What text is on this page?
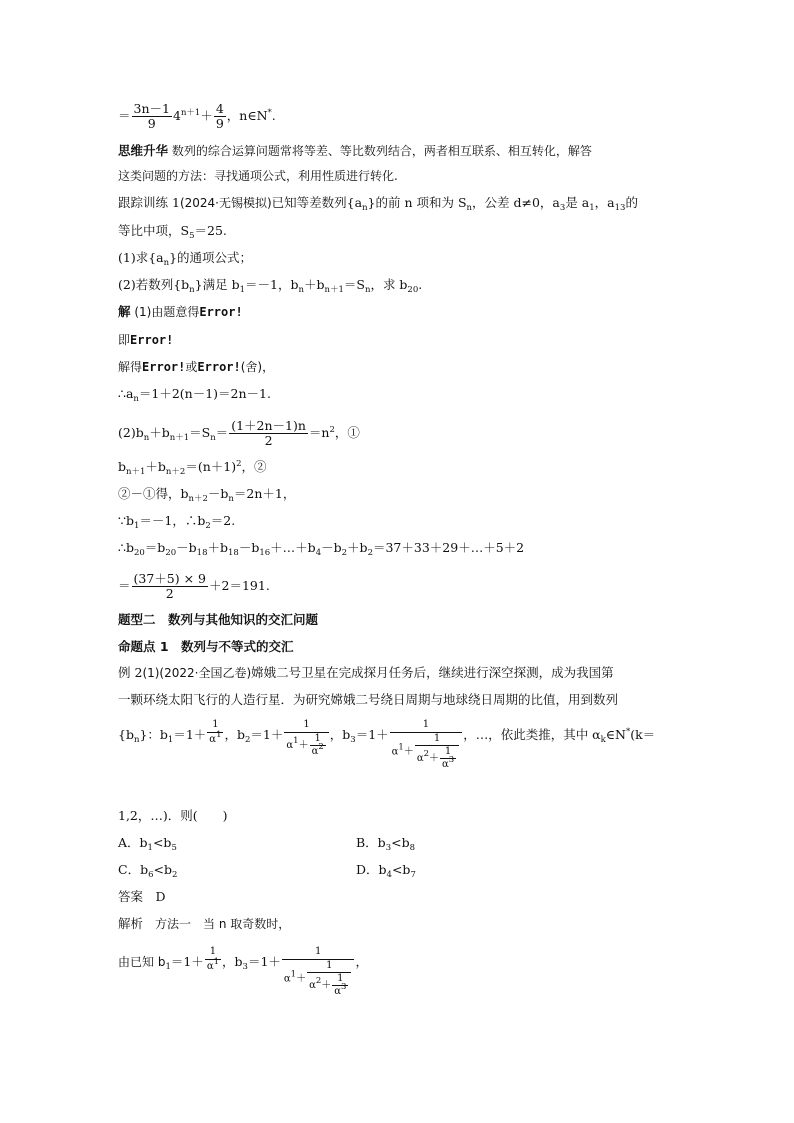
＝ $\frac{3n-1}{9} 4^{n+1}+ \frac{4}{9}$ ，n∈N*.
思维升华 数列的综合运算问题常将等差、等比数列结合，两者相互联系、相互转化，解答
这类问题的方法：寻找通项公式，利用性质进行转化.
跟踪训练 1(2024·无锡模拟)已知等差数列$\{a_n\}$的前 n 项和为 $S_n$，公差 d≠0，$a_3$是 $a_1$，$a_{13}$的
等比中项，$S_5=25$.
(1)求$\{a_n\}$的通项公式；
(2)若数列$\{b_n\}$满足 $b_1=-1$，$b_n+b_{n+1}=S_n$，求 $b_{20}$.
解 (1)由题意得Error!
即Error!
解得Error!或Error!(舍)，
$\therefore a_n=1+2(n-1)=2n-1$.
$(2)b_n+b_{n+1}=S_n= \frac{(1+2n-1)n}{2} =n^2$，①
$b_{n+1}+b_{n+2}=(n+1)^2$，②
②－①得，$b_{n+2}-b_n=2n+1$，
$\because b_1=-1$，$\therefore b_2=2$.
$\therefore b_{20}=b_{20}-b_{18}+b_{18}-b_{16}+\dots+b_4-b_2+b_2=37+33+29+\dots+5+2$
＝ $\frac{(37+5) \times 9}{2} +2=191$.
题型二　数列与其他知识的交汇问题
命题点 1　数列与不等式的交汇
例 2(1)(2022·全国乙卷)嫦娥二号卫星在完成探月任务后，继续进行深空探测，成为我国第
一颗环绕太阳飞行的人造行星．为研究嫦娥二号绕日周期与地球绕日周期的比值，用到数列
$\{b_n\}$：$b_1=1+ \frac{1}{\alpha^1}$ ，$b_2=1+ \frac{1}{\alpha^1+ \frac{1}{\alpha^2}}$ ，$b_3=1+ \frac{1}{\alpha^1+ \frac{1}{\alpha^2+ \frac{1}{\alpha^3}}}$ ，…，依此类推，其中 $\alpha_k\in N^*(k=$
1,2，…)．则(　　)
A．$b_1<b_5$	B．$b_3<b_8$
C．$b_6<b_2$	D．$b_4<b_7$
答案　D
解析　方法一　当 n 取奇数时，
由已知 $b_1=1+ \frac{1}{\alpha^1}$ ，$b_3=1+ \frac{1}{\alpha^1+ \frac{1}{\alpha^2+ \frac{1}{\alpha^3}}}$ ，
